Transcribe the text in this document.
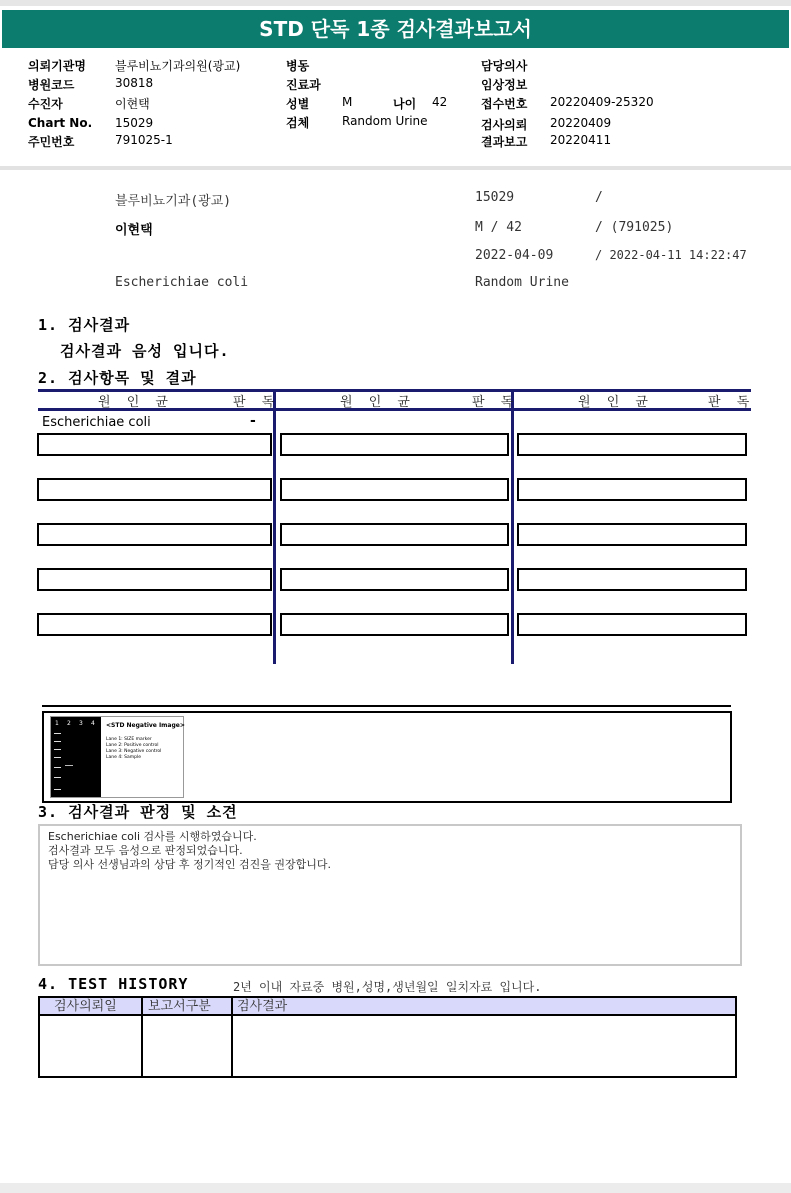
STD 단독 1종 검사결과보고서
의뢰기관명 블루비뇨기과의원(광교)
병원코드	30818
수진자	이현택
Chart No. 15029
주민번호	791025-1
병동
진료과
성별	M	나이 42
검체	Random Urine
담당의사
임상정보
접수번호 20220409-25320
검사의뢰 20220409
결과보고 20220411
블루비뇨기과(광교)	15029	/
이현택	M / 42	/ (791025)
2022-04-09	/ 2022-04-11 14:22:47
Escherichiae coli	Random Urine
1. 검사결과
검사결과 음성 입니다.
2. 검사항목 및 결과
원 인 균	판 독	원 인 균	판 독	원 인 균	판 독
Escherichiae coli	-
1 2 3 4 <STD Negative Image>
Lane 1: SIZE marker
Lane 2: Positive control
Lane 3: Negative control
Lane 4: Sample
3. 검사결과 판정 및 소견
Escherichiae coli 검사를 시행하였습니다.
검사결과 모두 음성으로 판정되었습니다.
담당 의사 선생님과의 상담 후 정기적인 검진을 권장합니다.
4. TEST HISTORY	2년 이내 자료중 병원,성명,생년월일 일치자료 입니다.
검사의뢰일 보고서구분 검사결과
